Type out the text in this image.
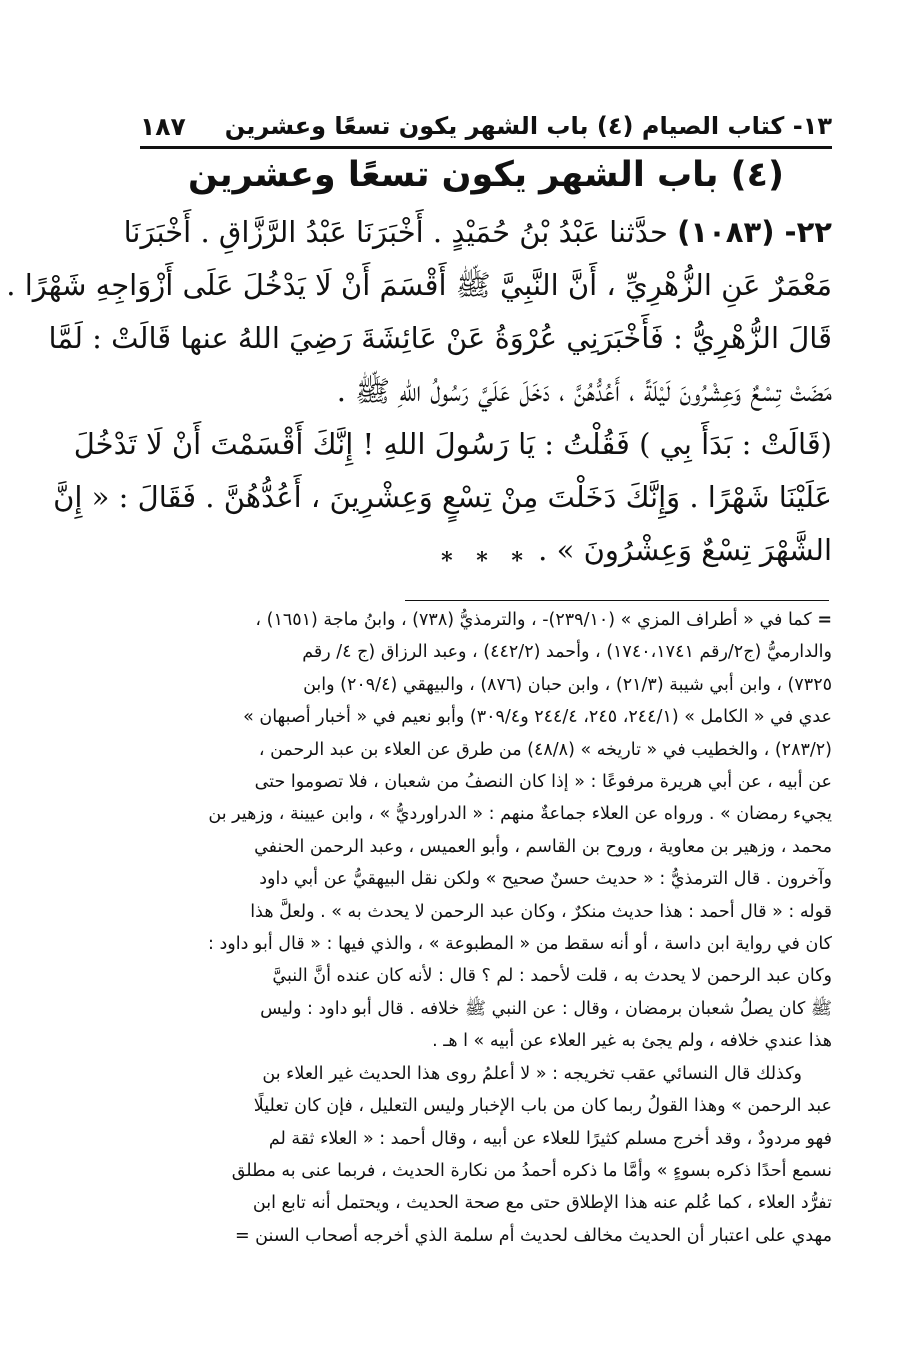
١٣- كتاب الصيام (٤) باب الشهر يكون تسعًا وعشرين
١٨٧
(٤) باب الشهر يكون تسعًا وعشرين
٢٢- (١٠٨٣) حدَّثنا عَبْدُ بْنُ حُمَيْدٍ . أَخْبَرَنَا عَبْدُ الرَّزَّاقِ . أَخْبَرَنَا
مَعْمَرٌ عَنِ الزُّهْرِيِّ ، أَنَّ النَّبِيَّ ﷺ أَقْسَمَ أَنْ لَا يَدْخُلَ عَلَى أَزْوَاجِهِ شَهْرًا .
قَالَ الزُّهْرِيُّ : فَأَخْبَرَنِي عُرْوَةُ عَنْ عَائِشَةَ رَضِيَ اللهُ عنها قَالَتْ : لَمَّا
مَضَتْ تِسْعٌ وَعِشْرُونَ لَيْلَةً ، أَعُدُّهُنَّ ، دَخَلَ عَلَيَّ رَسُولُ اللهِ ﷺ .
(قَالَتْ : بَدَأَ بِي ) فَقُلْتُ : يَا رَسُولَ اللهِ ! إِنَّكَ أَقْسَمْتَ أَنْ لَا تَدْخُلَ
عَلَيْنَا شَهْرًا . وَإِنَّكَ دَخَلْتَ مِنْ تِسْعٍ وَعِشْرِينَ ، أَعُدُّهُنَّ . فَقَالَ : « إِنَّ
الشَّهْرَ تِسْعٌ وَعِشْرُونَ » .
* * *
= كما في « أطراف المزي » (٢٣٩/١٠)- ، والترمذيُّ (٧٣٨) ، وابنُ ماجة (١٦٥١) ،
والدارميُّ (ج٢/رقم ١٧٤٠،١٧٤١) ، وأحمد (٤٤٢/٢) ، وعبد الرزاق (ج ٤/ رقم
٧٣٢٥) ، وابن أبي شيبة (٢١/٣) ، وابن حبان (٨٧٦) ، والبيهقي (٢٠٩/٤) وابن
عدي في « الكامل » (٢٤٤/١، ٢٤٥، ٢٤٤/٤ و٣٠٩/٤) وأبو نعيم في « أخبار أصبهان »
(٢٨٣/٢) ، والخطيب في « تاريخه » (٤٨/٨) من طرق عن العلاء بن عبد الرحمن ،
عن أبيه ، عن أبي هريرة مرفوعًا : « إذا كان النصفُ من شعبان ، فلا تصوموا حتى
يجيء رمضان » . ورواه عن العلاء جماعةٌ منهم : « الدراورديُّ » ، وابن عيينة ، وزهير بن
محمد ، وزهير بن معاوية ، وروح بن القاسم ، وأبو العميس ، وعبد الرحمن الحنفي
وآخرون . قال الترمذيُّ : « حديث حسنٌ صحيح » ولكن نقل البيهقيُّ عن أبي داود
قوله : « قال أحمد : هذا حديث منكرٌ ، وكان عبد الرحمن لا يحدث به » . ولعلَّ هذا
كان في رواية ابن داسة ، أو أنه سقط من « المطبوعة » ، والذي فيها : « قال أبو داود :
وكان عبد الرحمن لا يحدث به ، قلت لأحمد : لم ؟ قال : لأنه كان عنده أنَّ النبيَّ
ﷺ كان يصلُ شعبان برمضان ، وقال : عن النبي ﷺ خلافه . قال أبو داود : وليس
هذا عندي خلافه ، ولم يجئ به غير العلاء عن أبيه » ا هـ .
وكذلك قال النسائي عقب تخريجه : « لا أعلمُ روى هذا الحديث غير العلاء بن
عبد الرحمن » وهذا القولُ ربما كان من باب الإخبار وليس التعليل ، فإن كان تعليلًا
فهو مردودٌ ، وقد أخرج مسلم كثيرًا للعلاء عن أبيه ، وقال أحمد : « العلاء ثقة لم
نسمع أحدًا ذكره بسوءٍ » وأمَّا ما ذكره أحمدُ من نكارة الحديث ، فربما عنى به مطلق
تفرُّد العلاء ، كما عُلم عنه هذا الإطلاق حتى مع صحة الحديث ، ويحتمل أنه تابع ابن
مهدي على اعتبار أن الحديث مخالف لحديث أم سلمة الذي أخرجه أصحاب السنن =
